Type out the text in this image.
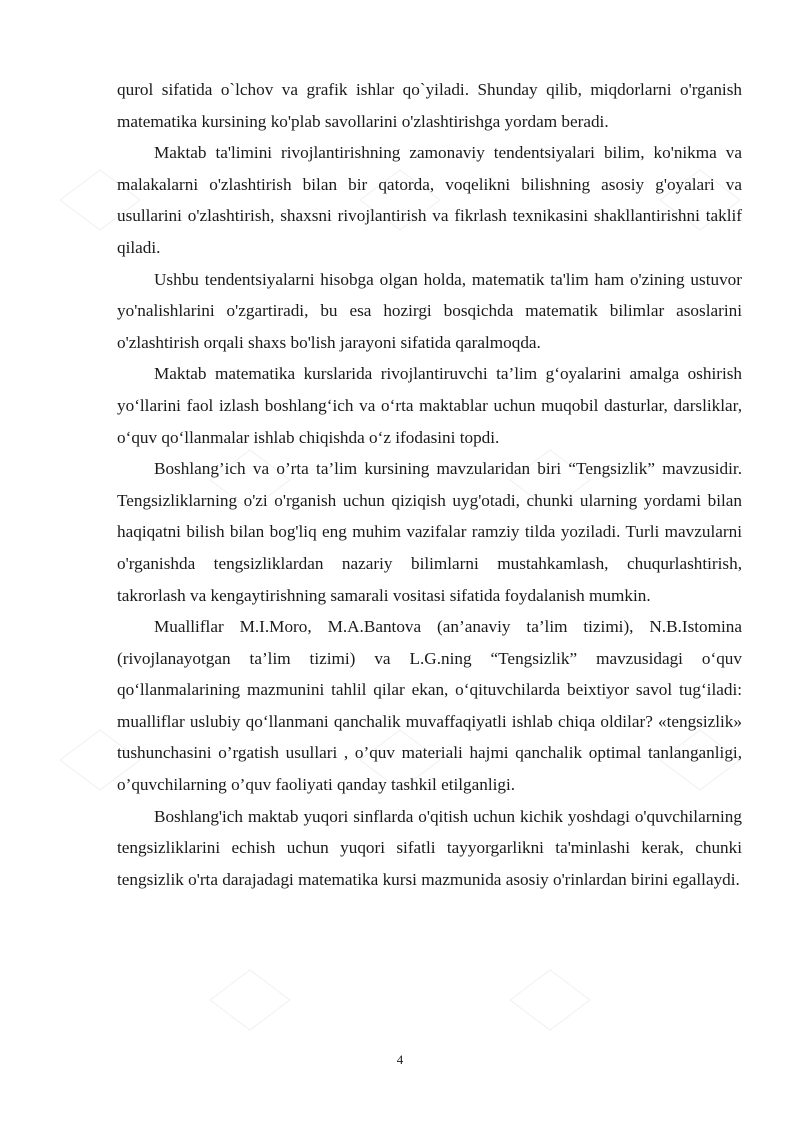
qurol sifatida o`lchov va grafik ishlar qo`yiladi. Shunday qilib, miqdorlarni o'rganish matematika kursining ko'plab savollarini o'zlashtirishga yordam beradi.

Maktab ta'limini rivojlantirishning zamonaviy tendentsiyalari bilim, ko'nikma va malakalarni o'zlashtirish bilan bir qatorda, voqelikni bilishning asosiy g'oyalari va usullarini o'zlashtirish, shaxsni rivojlantirish va fikrlash texnikasini shakllantirishni taklif qiladi.

Ushbu tendentsiyalarni hisobga olgan holda, matematik ta'lim ham o'zining ustuvor yo'nalishlarini o'zgartiradi, bu esa hozirgi bosqichda matematik bilimlar asoslarini o'zlashtirish orqali shaxs bo'lish jarayoni sifatida qaralmoqda.

Maktab matematika kurslarida rivojlantiruvchi ta’lim g‘oyalarini amalga oshirish yo‘llarini faol izlash boshlang‘ich va o‘rta maktablar uchun muqobil dasturlar, darsliklar, o‘quv qo‘llanmalar ishlab chiqishda o‘z ifodasini topdi.

Boshlang’ich va o’rta ta’lim kursining mavzularidan biri “Tengsizlik” mavzusidir. Tengsizliklarning o'zi o'rganish uchun qiziqish uyg'otadi, chunki ularning yordami bilan haqiqatni bilish bilan bog'liq eng muhim vazifalar ramziy tilda yoziladi. Turli mavzularni o'rganishda tengsizliklardan nazariy bilimlarni mustahkamlash, chuqurlashtirish, takrorlash va kengaytirishning samarali vositasi sifatida foydalanish mumkin.

Mualliflar M.I.Moro, M.A.Bantova (an’anaviy ta’lim tizimi), N.B.Istomina (rivojlanayotgan ta’lim tizimi) va L.G.ning “Tengsizlik” mavzusidagi o‘quv qo‘llanmalarining mazmunini tahlil qilar ekan, o‘qituvchilarda beixtiyor savol tug‘iladi: mualliflar uslubiy qo‘llanmani qanchalik muvaffaqiyatli ishlab chiqa oldilar? «tengsizlik» tushunchasini o’rgatish usullari , o’quv materiali hajmi qanchalik optimal tanlanganligi, o’quvchilarning o’quv faoliyati qanday tashkil etilganligi.

Boshlang'ich maktab yuqori sinflarda o'qitish uchun kichik yoshdagi o'quvchilarning tengsizliklarini echish uchun yuqori sifatli tayyorgarlikni ta'minlashi kerak, chunki tengsizlik o'rta darajadagi matematika kursi mazmunida asosiy o'rinlardan birini egallaydi.

4
